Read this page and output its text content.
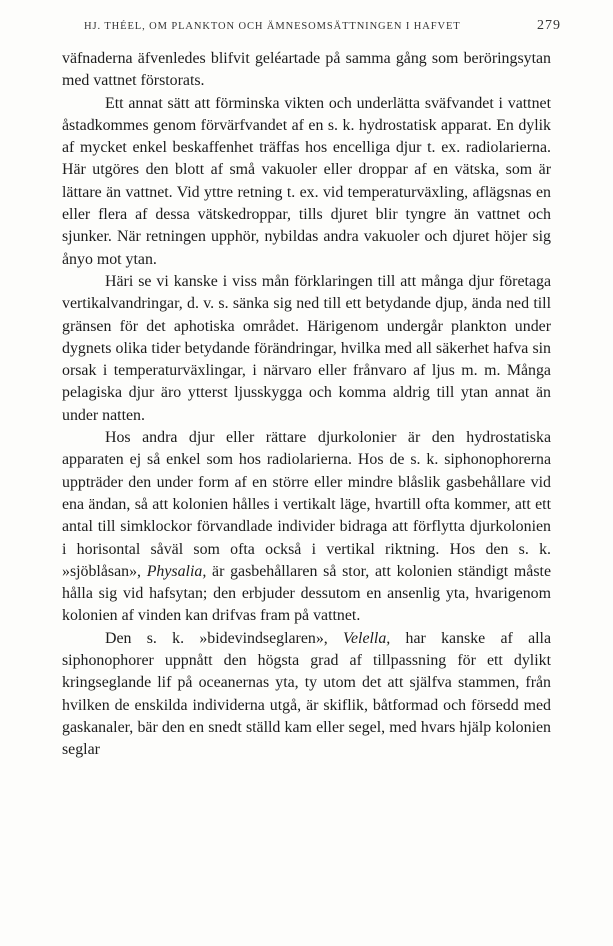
HJ. THÉEL, OM PLANKTON OCH ÄMNESOMSÄTTNINGEN I HAFVET	279

väfnaderna äfvenledes blifvit geléartade på samma gång som beröringsytan med vattnet förstorats.

Ett annat sätt att förminska vikten och underlätta sväfvandet i vattnet åstadkommes genom förvärfvandet af en s. k. hydrostatisk apparat. En dylik af mycket enkel beskaffenhet träffas hos encelliga djur t. ex. radiolarierna. Här utgöres den blott af små vakuoler eller droppar af en vätska, som är lättare än vattnet. Vid yttre retning t. ex. vid temperaturväxling, aflägsnas en eller flera af dessa vätskedroppar, tills djuret blir tyngre än vattnet och sjunker. När retningen upphör, nybildas andra vakuoler och djuret höjer sig ånyo mot ytan.

Häri se vi kanske i viss mån förklaringen till att många djur företaga vertikalvandringar, d. v. s. sänka sig ned till ett betydande djup, ända ned till gränsen för det aphotiska området. Härigenom undergår plankton under dygnets olika tider betydande förändringar, hvilka med all säkerhet hafva sin orsak i temperaturväxlingar, i närvaro eller frånvaro af ljus m. m. Många pelagiska djur äro ytterst ljusskygga och komma aldrig till ytan annat än under natten.

Hos andra djur eller rättare djurkolonier är den hydrostatiska apparaten ej så enkel som hos radiolarierna. Hos de s. k. siphonophorerna uppträder den under form af en större eller mindre blåslik gasbehållare vid ena ändan, så att kolonien hålles i vertikalt läge, hvartill ofta kommer, att ett antal till simklockor förvandlade individer bidraga att förflytta djurkolonien i horisontal såväl som ofta också i vertikal riktning. Hos den s. k. »sjöblåsan», Physalia, är gasbehållaren så stor, att kolonien ständigt måste hålla sig vid hafsytan; den erbjuder dessutom en ansenlig yta, hvarigenom kolonien af vinden kan drifvas fram på vattnet.

Den s. k. »bidevindseglaren», Velella, har kanske af alla siphonophorer uppnått den högsta grad af tillpassning för ett dylikt kringseglande lif på oceanernas yta, ty utom det att själfva stammen, från hvilken de enskilda individerna utgå, är skiflik, båtformad och försedd med gaskanaler, bär den en snedt ställd kam eller segel, med hvars hjälp kolonien seglar
